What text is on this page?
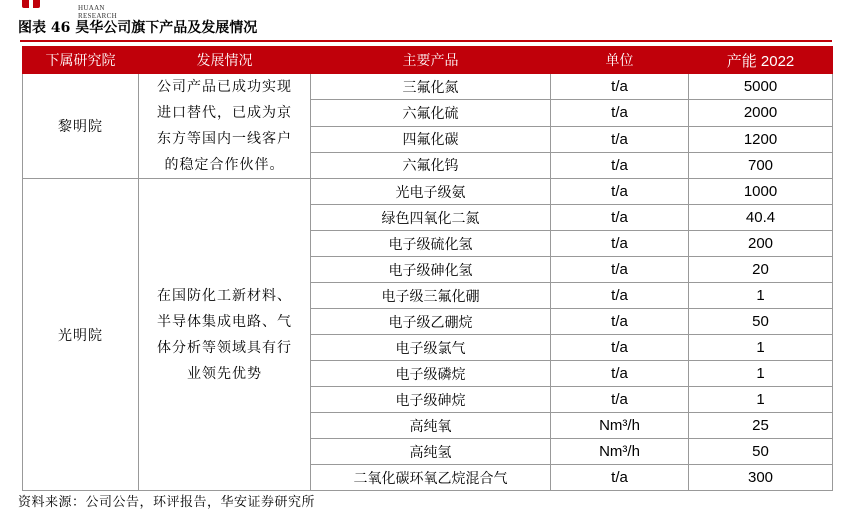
HUAAN RESEARCH
图表 46 昊华公司旗下产品及发展情况
下属研究院	发展情况	主要产品	单位	产能 2022
黎明院	公司产品已成功实现
进口替代，已成为京
东方等国内一线客户
的稳定合作伙伴。	三氟化氮	t/a	5000
		六氟化硫	t/a	2000
		四氟化碳	t/a	1200
		六氟化钨	t/a	700
光明院	在国防化工新材料、
半导体集成电路、气
体分析等领域具有行
业领先优势	光电子级氨	t/a	1000
		绿色四氧化二氮	t/a	40.4
		电子级硫化氢	t/a	200
		电子级砷化氢	t/a	20
		电子级三氟化硼	t/a	1
		电子级乙硼烷	t/a	50
		电子级氯气	t/a	1
		电子级磷烷	t/a	1
		电子级砷烷	t/a	1
		高纯氧	Nm³/h	25
		高纯氢	Nm³/h	50
		二氧化碳环氧乙烷混合气	t/a	300
资料来源：公司公告，环评报告，华安证券研究所
